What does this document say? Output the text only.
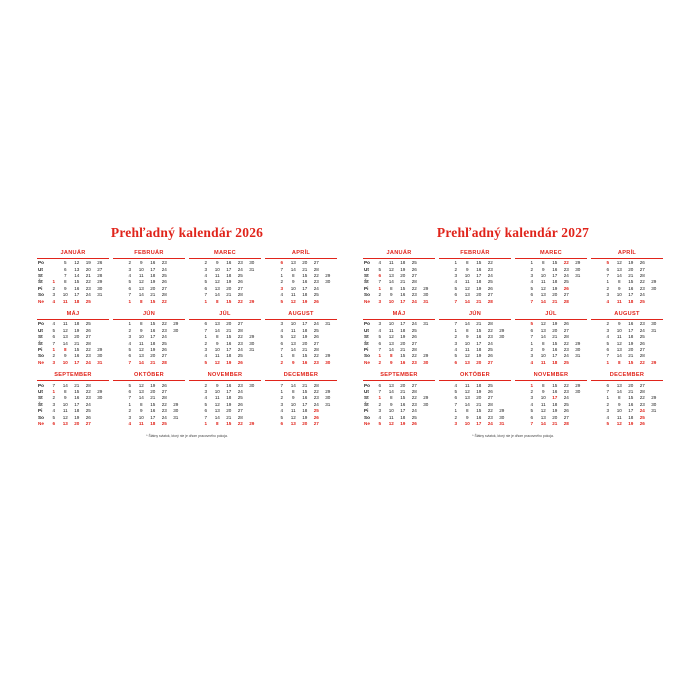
Prehľadný kalendár 2026
JANUÁR
Po	5	12	19	26
Ut	6	13	20	27
St	7	14	21	28
Št	1	8	15	22	29
Pi	2	9	16	23	30
So	3	10	17	24	31
Ne	4	11	18	25
FEBRUÁR
2	9	16	23
3	10	17	24
4	11	18	25
5	12	19	26
6	13	20	27
7	14	21	28
1	8	15	22
MAREC
2	9	16	23	30
3	10	17	24	31
4	11	18	25
5	12	19	26
6	13	20	27
7	14	21	28
1	8	15	22	29
APRÍL
6	13	20	27
7	14	21	28
1	8	15	22	29
2	9	16	23	30
3	10	17	24
4	11	18	25
5	12	19	26
MÁJ
Po	4	11	18	25
Ut	5	12	19	26
St	6	13	20	27
Št	7	14	21	28
Pi	1	8	15	22	29
So	2	9	16	23	30
Ne	3	10	17	24	31
JÚN
1	8	15	22	29
2	9	16	23	30
3	10	17	24
4	11	18	25
5	12	19	26
6	13	20	27
7	14	21	28
JÚL
6	13	20	27
7	14	21	28
1	8	15	22	29
2	9	16	23	30
3	10	17	24	31
4	11	18	25
5	12	19	26
AUGUST
3	10	17	24	31
4	11	18	25
5	12	19	26
6	13	20	27
7	14	21	28
1	8	15	22	29
2	9	16	23	30
SEPTEMBER
Po	7	14	21	28
Ut	1	8	15	22	29
St	2	9	16	23	30
Št	3	10	17	24
Pi	4	11	18	25
So	5	12	19	26
Ne	6	13	20	27
OKTÓBER
5	12	19	26
6	13	20	27
7	14	21	28
1	8	15	22	29
2	9	16	23	30
3	10	17	24	31
4	11	18	25
NOVEMBER
2	9	16	23	30
3	10	17	24
4	11	18	25
5	12	19	26
6	13	20	27
7	14	21	28
1	8	15	22	29
DECEMBER
7	14	21	28
1	8	15	22	29
2	9	16	23	30
3	10	17	24	31
4	11	18	25
5	12	19	26
6	13	20	27
* Štátny sviatok, ktorý nie je dňom pracovného pokoja.
Prehľadný kalendár 2027
JANUÁR
Po	4	11	18	25
Ut	5	12	19	26
St	6	13	20	27
Št	7	14	21	28
Pi	1	8	15	22	29
So	2	9	16	23	30
Ne	3	10	17	24	31
FEBRUÁR
1	8	15	22
2	9	16	23
3	10	17	24
4	11	18	25
5	12	19	26
6	13	20	27
7	14	21	28
MAREC
1	8	15	22	29
2	9	16	23	30
3	10	17	24	31
4	11	18	25
5	12	19	26
6	13	20	27
7	14	21	28
APRÍL
5	12	19	26
6	13	20	27
7	14	21	28
1	8	15	22	29
2	9	16	23	30
3	10	17	24
4	11	18	25
MÁJ
Po	3	10	17	24	31
Ut	4	11	18	25
St	5	12	19	26
Št	6	13	20	27
Pi	7	14	21	28
So	1	8	15	22	29
Ne	2	9	16	23	30
JÚN
7	14	21	28
1	8	15	22	29
2	9	16	23	30
3	10	17	24
4	11	18	25
5	12	19	26
6	13	20	27
JÚL
5	12	19	26
6	13	20	27
7	14	21	28
1	8	15	22	29
2	9	16	23	30
3	10	17	24	31
4	11	18	25
AUGUST
2	9	16	23	30
3	10	17	24	31
4	11	18	25
5	12	19	26
6	13	20	27
7	14	21	28
1	8	15	22	29
SEPTEMBER
Po	6	13	20	27
Ut	7	14	21	28
St	1	8	15	22	29
Št	2	9	16	23	30
Pi	3	10	17	24
So	4	11	18	25
Ne	5	12	19	26
OKTÓBER
4	11	18	25
5	12	19	26
6	13	20	27
7	14	21	28
1	8	15	22	29
2	9	16	23	30
3	10	17	24	31
NOVEMBER
1	8	15	22	29
2	9	16	23	30
3	10	17	24
4	11	18	25
5	12	19	26
6	13	20	27
7	14	21	28
DECEMBER
6	13	20	27
7	14	21	28
1	8	15	22	29
2	9	16	23	30
3	10	17	24	31
4	11	18	25
5	12	19	26
* Štátny sviatok, ktorý nie je dňom pracovného pokoja.
